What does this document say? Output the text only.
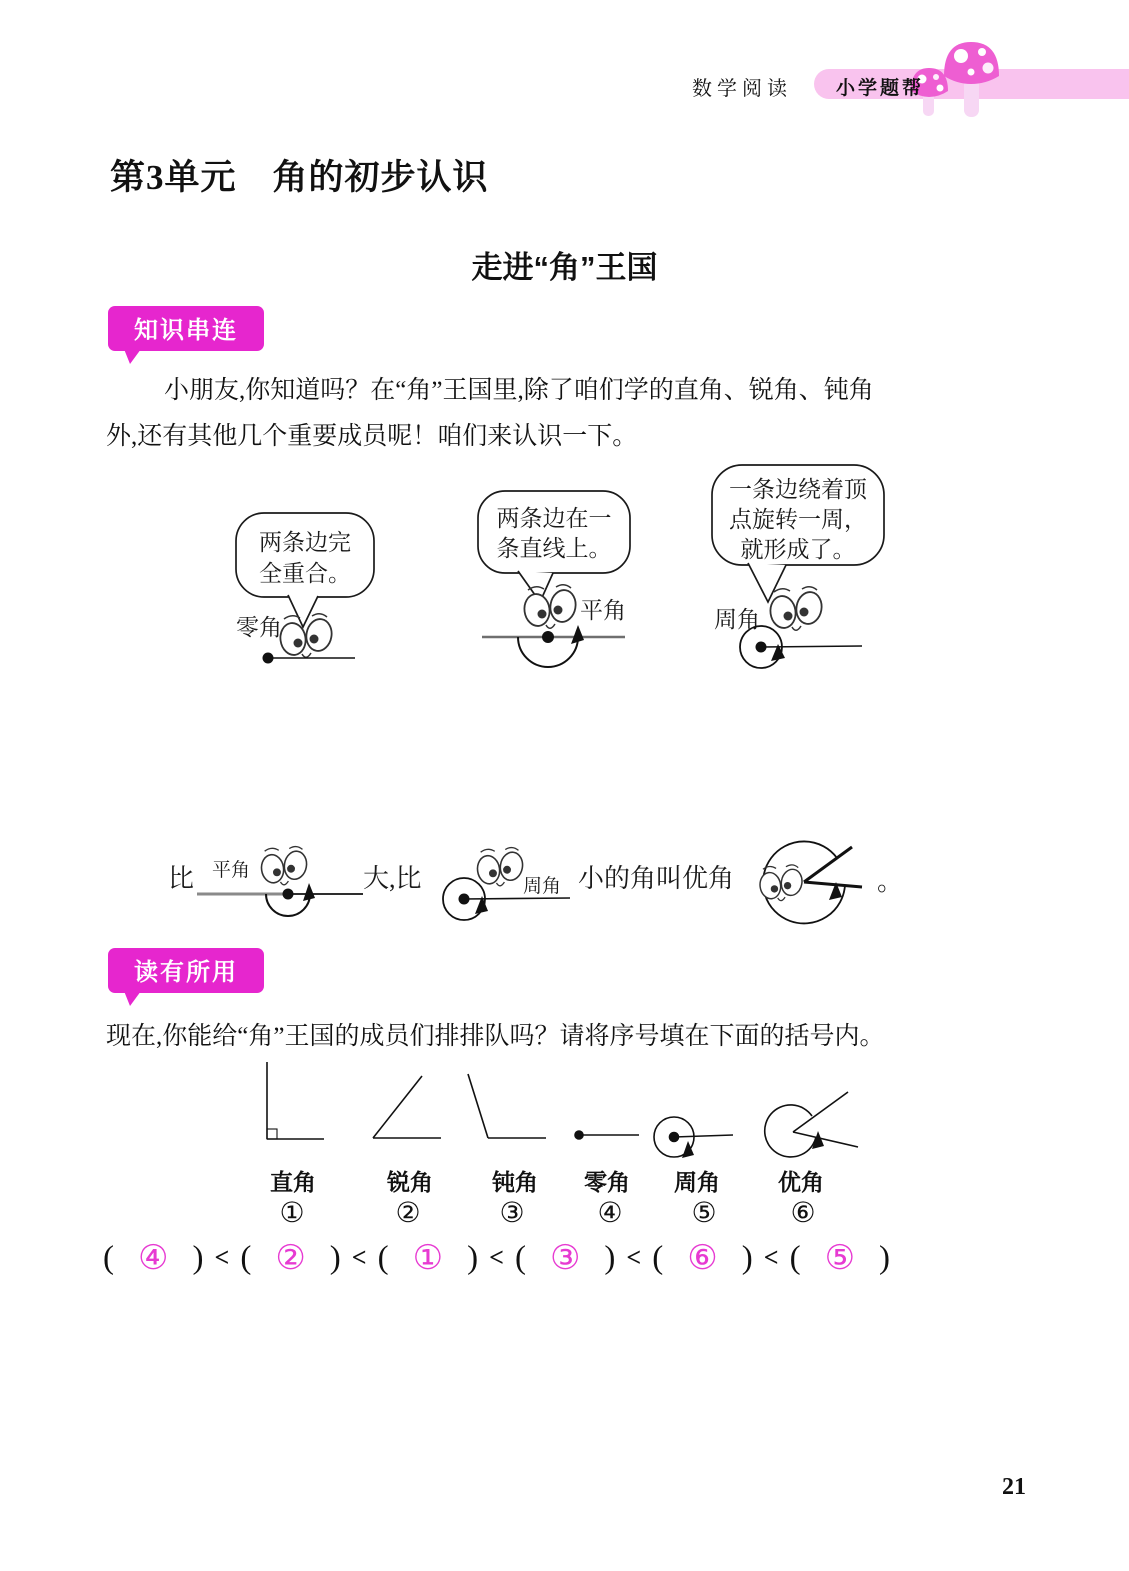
数学阅读 小学题帮
第3单元　角的初步认识
走进“角”王国
知识串连
小朋友,你知道吗？在“角”王国里,除了咱们学的直角、锐角、钝角
外,还有其他几个重要成员呢！咱们来认识一下。
两条边完
全重合。
零角
两条边在一
条直线上。
平角
一条边绕着顶
点旋转一周，
就形成了。
周角
比 平角	大,比	周角 小的角叫优角	。
读有所用
现在,你能给“角”王国的成员们排排队吗？请将序号填在下面的括号内。
直角	锐角	钝角 零角 周角	优角
①	②	③	④ ⑤	⑥
( ④ ) < ( ② ) < ( ① ) < ( ③ ) < ( ⑥ ) < ( ⑤ )
21
